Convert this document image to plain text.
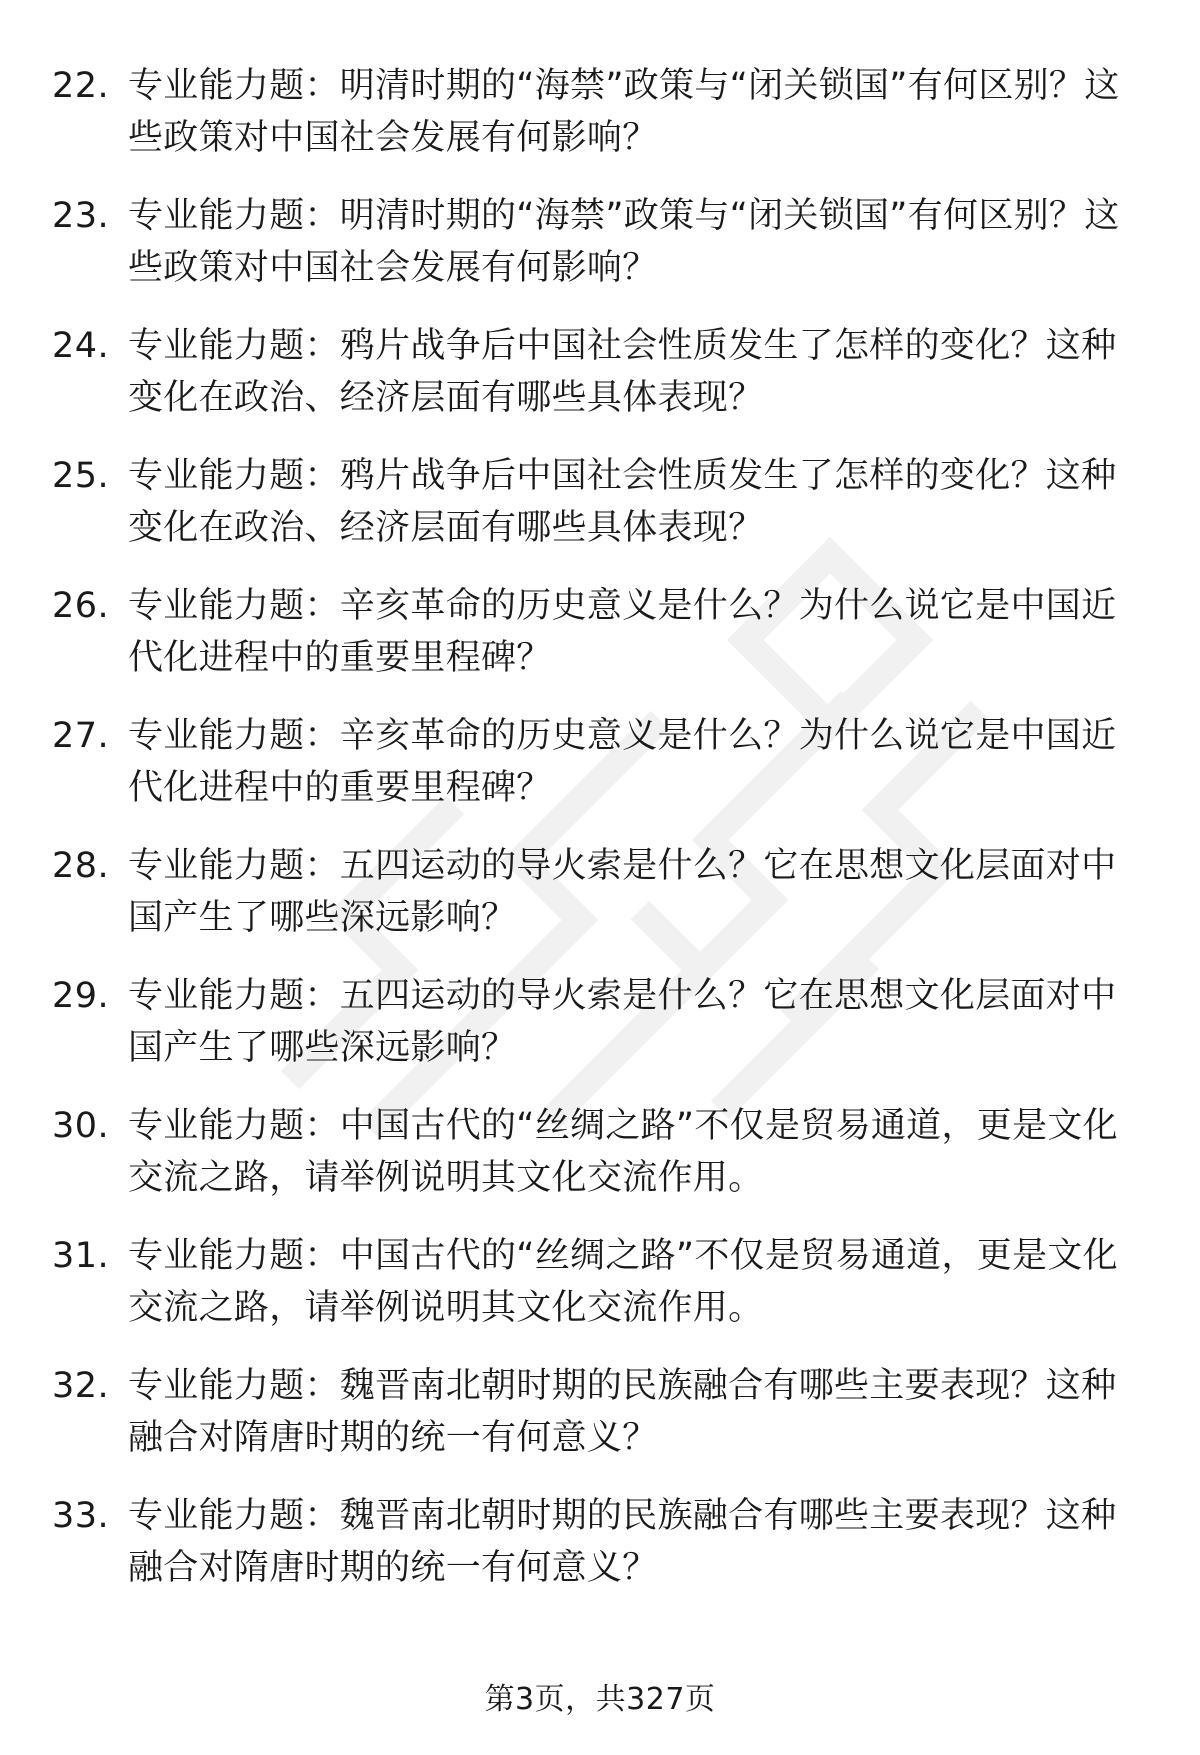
22. 专业能力题：明清时期的“海禁”政策与“闭关锁国”有何区别？这些政策对中国社会发展有何影响？
23. 专业能力题：明清时期的“海禁”政策与“闭关锁国”有何区别？这些政策对中国社会发展有何影响？
24. 专业能力题：鸦片战争后中国社会性质发生了怎样的变化？这种变化在政治、经济层面有哪些具体表现？
25. 专业能力题：鸦片战争后中国社会性质发生了怎样的变化？这种变化在政治、经济层面有哪些具体表现？
26. 专业能力题：辛亥革命的历史意义是什么？为什么说它是中国近代化进程中的重要里程碑？
27. 专业能力题：辛亥革命的历史意义是什么？为什么说它是中国近代化进程中的重要里程碑？
28. 专业能力题：五四运动的导火索是什么？它在思想文化层面对中国产生了哪些深远影响？
29. 专业能力题：五四运动的导火索是什么？它在思想文化层面对中国产生了哪些深远影响？
30. 专业能力题：中国古代的“丝绸之路”不仅是贸易通道，更是文化交流之路，请举例说明其文化交流作用。
31. 专业能力题：中国古代的“丝绸之路”不仅是贸易通道，更是文化交流之路，请举例说明其文化交流作用。
32. 专业能力题：魏晋南北朝时期的民族融合有哪些主要表现？这种融合对隋唐时期的统一有何意义？
33. 专业能力题：魏晋南北朝时期的民族融合有哪些主要表现？这种融合对隋唐时期的统一有何意义？
第3页，共327页
